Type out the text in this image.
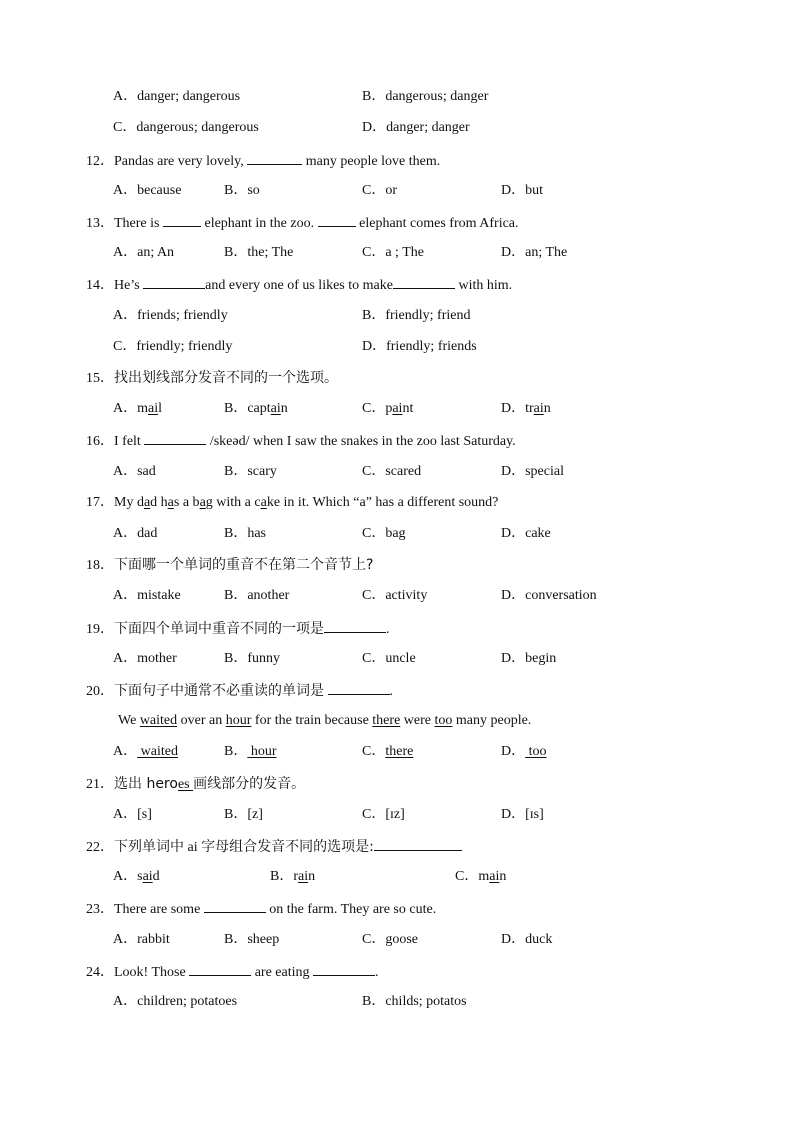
A．danger; dangerous	B．dangerous; danger
C．dangerous; dangerous	D．danger; danger
12．Pandas are very lovely,	many people love them.
A．because	B．so	C．or	D．but
13．There is	elephant in the zoo.	elephant comes from Africa.
A．an; An	B．the; The	C．a ; The	D．an; The
14．He’s	and every one of us likes to make	with him.
A．friends; friendly	B．friendly; friend
C．friendly; friendly	D．friendly; friends
15．找出划线部分发音不同的一个选项。
A．mail	B．captain	C．paint	D．train
16．I felt	/skeəd/ when I saw the snakes in the zoo last Saturday.
A．sad	B．scary	C．scared	D．special
17．My dad has a bag with a cake in it. Which “a” has a different sound?
A．dad	B．has	C．bag	D．cake
18．下面哪一个单词的重音不在第二个音节上?
A．mistake	B．another	C．activity	D．conversation
19．下面四个单词中重音不同的一项是	.
A．mother	B．funny	C．uncle	D．begin
20．下面句子中通常不必重读的单词是	.
We waited over an hour for the train because there were too many people.
A． waited	B． hour	C．there	D． too
21．选出 heroes 画线部分的发音。
A．[s]	B．[z]	C．[ɪz]	D．[ɪs]
22．下列单词中 ai 字母组合发音不同的选项是:
A．said	B．rain	C．main
23．There are some	on the farm. They are so cute.
A．rabbit	B．sheep	C．goose	D．duck
24．Look! Those	are eating	.
A．children; potatoes	B．childs; potatos
